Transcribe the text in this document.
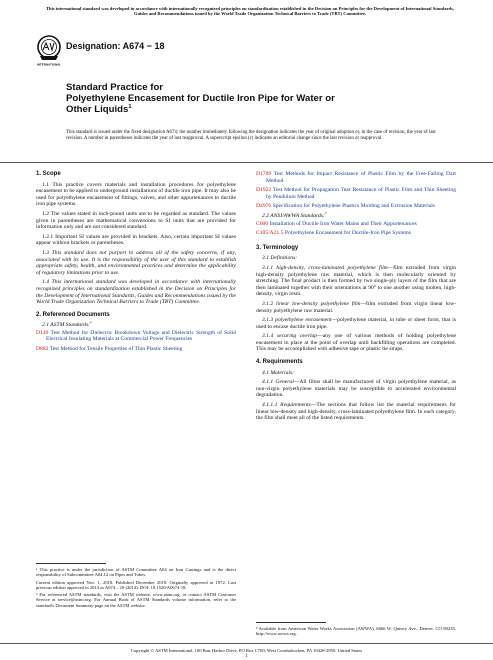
This international standard was developed in accordance with internationally recognized principles on standardization established in the Decision on Principles for the Development of International Standards, Guides and Recommendations issued by the World Trade Organization Technical Barriers to Trade (TBT) Committee.

INTERNATIONAL
Designation: A674 − 18
Standard Practice for
Polyethylene Encasement for Ductile Iron Pipe for Water or
Other Liquids$^1$

This standard is issued under the fixed designation A674; the number immediately following the designation indicates the year of original adoption or, in the case of revision, the year of last revision. A number in parentheses indicates the year of last reapproval. A superscript epsilon (ε) indicates an editorial change since the last revision or reapproval.

1. Scope

1.1 This practice covers materials and installation procedures for polyethylene encasement to be applied to underground installations of ductile iron pipe. It may also be used for polyethylene encasement of fittings, valves, and other appurtenances to ductile iron pipe systems.

1.2 The values stated in inch-pound units are to be regarded as standard. The values given in parentheses are mathematical conversions to SI units that are provided for information only and are not considered standard.

1.2.1 Important SI values are provided in brackets. Also, certain important SI values appear without brackets or parentheses.

1.3 This standard does not purport to address all of the safety concerns, if any, associated with its use. It is the responsibility of the user of this standard to establish appropriate safety, health, and environmental practices and determine the applicability of regulatory limitations prior to use.

1.4 This international standard was developed in accordance with internationally recognized principles on standardization established in the Decision on Principles for the Development of International Standards, Guides and Recommendations issued by the World Trade Organization Technical Barriers to Trade (TBT) Committee.

2. Referenced Documents

2.1 ASTM Standards:$^2$

D149 Test Method for Dielectric Breakdown Voltage and Dielectric Strength of Solid Electrical Insulating Materials at Commercial Power Frequencies

D882 Test Method for Tensile Properties of Thin Plastic Sheeting

¹ This practice is under the jurisdiction of ASTM Committee A04 on Iron Castings and is the direct responsibility of Subcommittee A04.12 on Pipes and Tubes.

Current edition approved Nov. 1, 2018. Published December 2018. Originally approved in 1972. Last previous edition approved in 2014 as A674 – 10 (2014). DOI: 10.1520/A0674-18.

² For referenced ASTM standards, visit the ASTM website, www.astm.org, or contact ASTM Customer Service at service@astm.org. For Annual Book of ASTM Standards volume information, refer to the standard's Document Summary page on the ASTM website.

D1709 Test Methods for Impact Resistance of Plastic Film by the Free-Falling Dart Method

D1922 Test Method for Propagation Tear Resistance of Plastic Film and Thin Sheeting by Pendulum Method

D4976 Specification for Polyethylene Plastics Molding and Extrusion Materials

2.2 ANSI/AWWA Standards:$^3$

C600 Installation of Ductile Iron Water Mains and Their Appurtenances

C105/A21.5 Polyethylene Encasement for Ductile-Iron Pipe Systems

3. Terminology

3.1 Definitions:

3.1.1 high-density, cross-laminated polyethylene film—film extruded from virgin high-density polyethylene raw material, which is then molecularly oriented by stretching. The final product is then formed by two single-ply layers of the film that are then laminated together with their orientations at 90° to one another using molten, high-density, virgin resin.

3.1.2 linear low-density polyethylene film—film extruded from virgin linear low-density polyethylene raw material.

3.1.3 polyethylene encasement—polyethylene material, in tube or sheet form, that is used to encase ductile iron pipe.

3.1.4 securing overlap—any one of various methods of holding polyethylene encasement in place at the point of overlap until backfilling operations are completed. This may be accomplished with adhesive tape or plastic tie straps.

4. Requirements

4.1 Materials:

4.1.1 General—All films shall be manufactured of virgin polyethylene material, as non-virgin polyethylene materials may be susceptible to accelerated environmental degradation.

4.1.1.1 Requirements—The sections that follow list the material requirements for linear low-density and high-density, cross-laminated polyethylene film. In each category, the film shall meet all of the listed requirements.

³ Available from American Water Works Association (AWWA), 6666 W. Quincy Ave., Denver, CO 80235, http://www.awwa.org.

Copyright © ASTM International, 100 Barr Harbor Drive, PO Box C700, West Conshohocken, PA 19428-2959. United States
1
